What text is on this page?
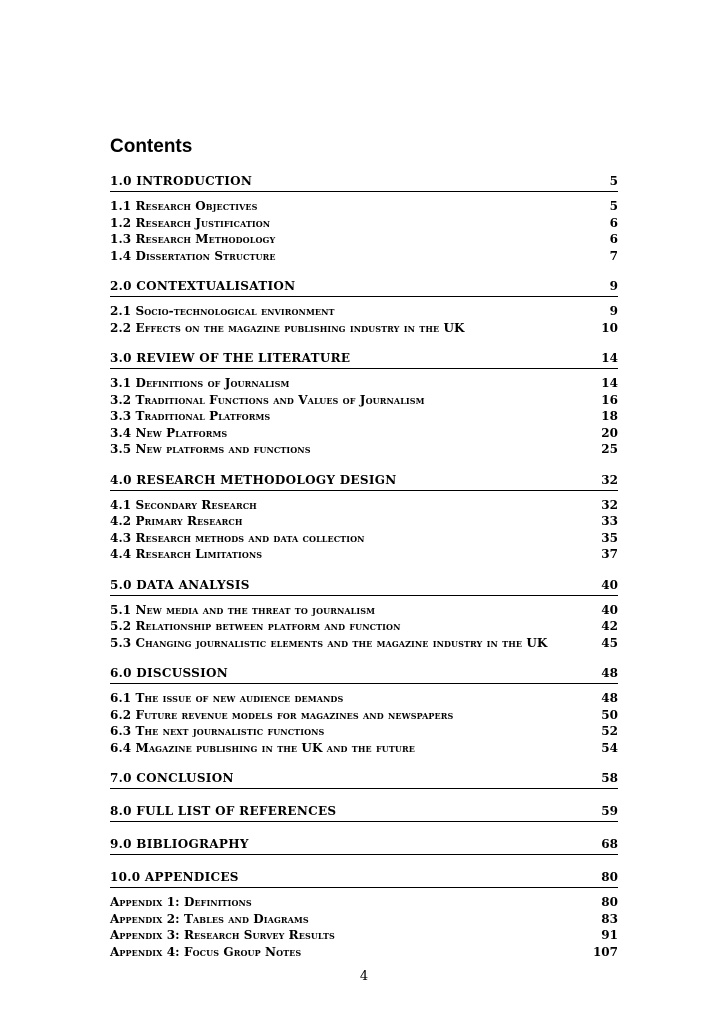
Contents
1.0 INTRODUCTION	5
1.1 Research Objectives	5
1.2 Research Justification	6
1.3 Research Methodology	6
1.4 Dissertation Structure	7
2.0 CONTEXTUALISATION	9
2.1 Socio-technological environment	9
2.2 Effects on the magazine publishing industry in the UK	10
3.0 REVIEW OF THE LITERATURE	14
3.1 Definitions of Journalism	14
3.2 Traditional Functions and Values of Journalism	16
3.3 Traditional Platforms	18
3.4 New Platforms	20
3.5 New platforms and functions	25
4.0 RESEARCH METHODOLOGY DESIGN	32
4.1 Secondary Research	32
4.2 Primary Research	33
4.3 Research methods and data collection	35
4.4 Research Limitations	37
5.0 DATA ANALYSIS	40
5.1 New media and the threat to journalism	40
5.2 Relationship between platform and function	42
5.3 Changing journalistic elements and the magazine industry in the UK	45
6.0 DISCUSSION	48
6.1 The issue of new audience demands	48
6.2 Future revenue models for magazines and newspapers	50
6.3 The next journalistic functions	52
6.4 Magazine publishing in the UK and the future	54
7.0 CONCLUSION	58
8.0 FULL LIST OF REFERENCES	59
9.0 BIBLIOGRAPHY	68
10.0 APPENDICES	80
Appendix 1: Definitions	80
Appendix 2: Tables and Diagrams	83
Appendix 3: Research Survey Results	91
Appendix 4: Focus Group Notes	107
4
